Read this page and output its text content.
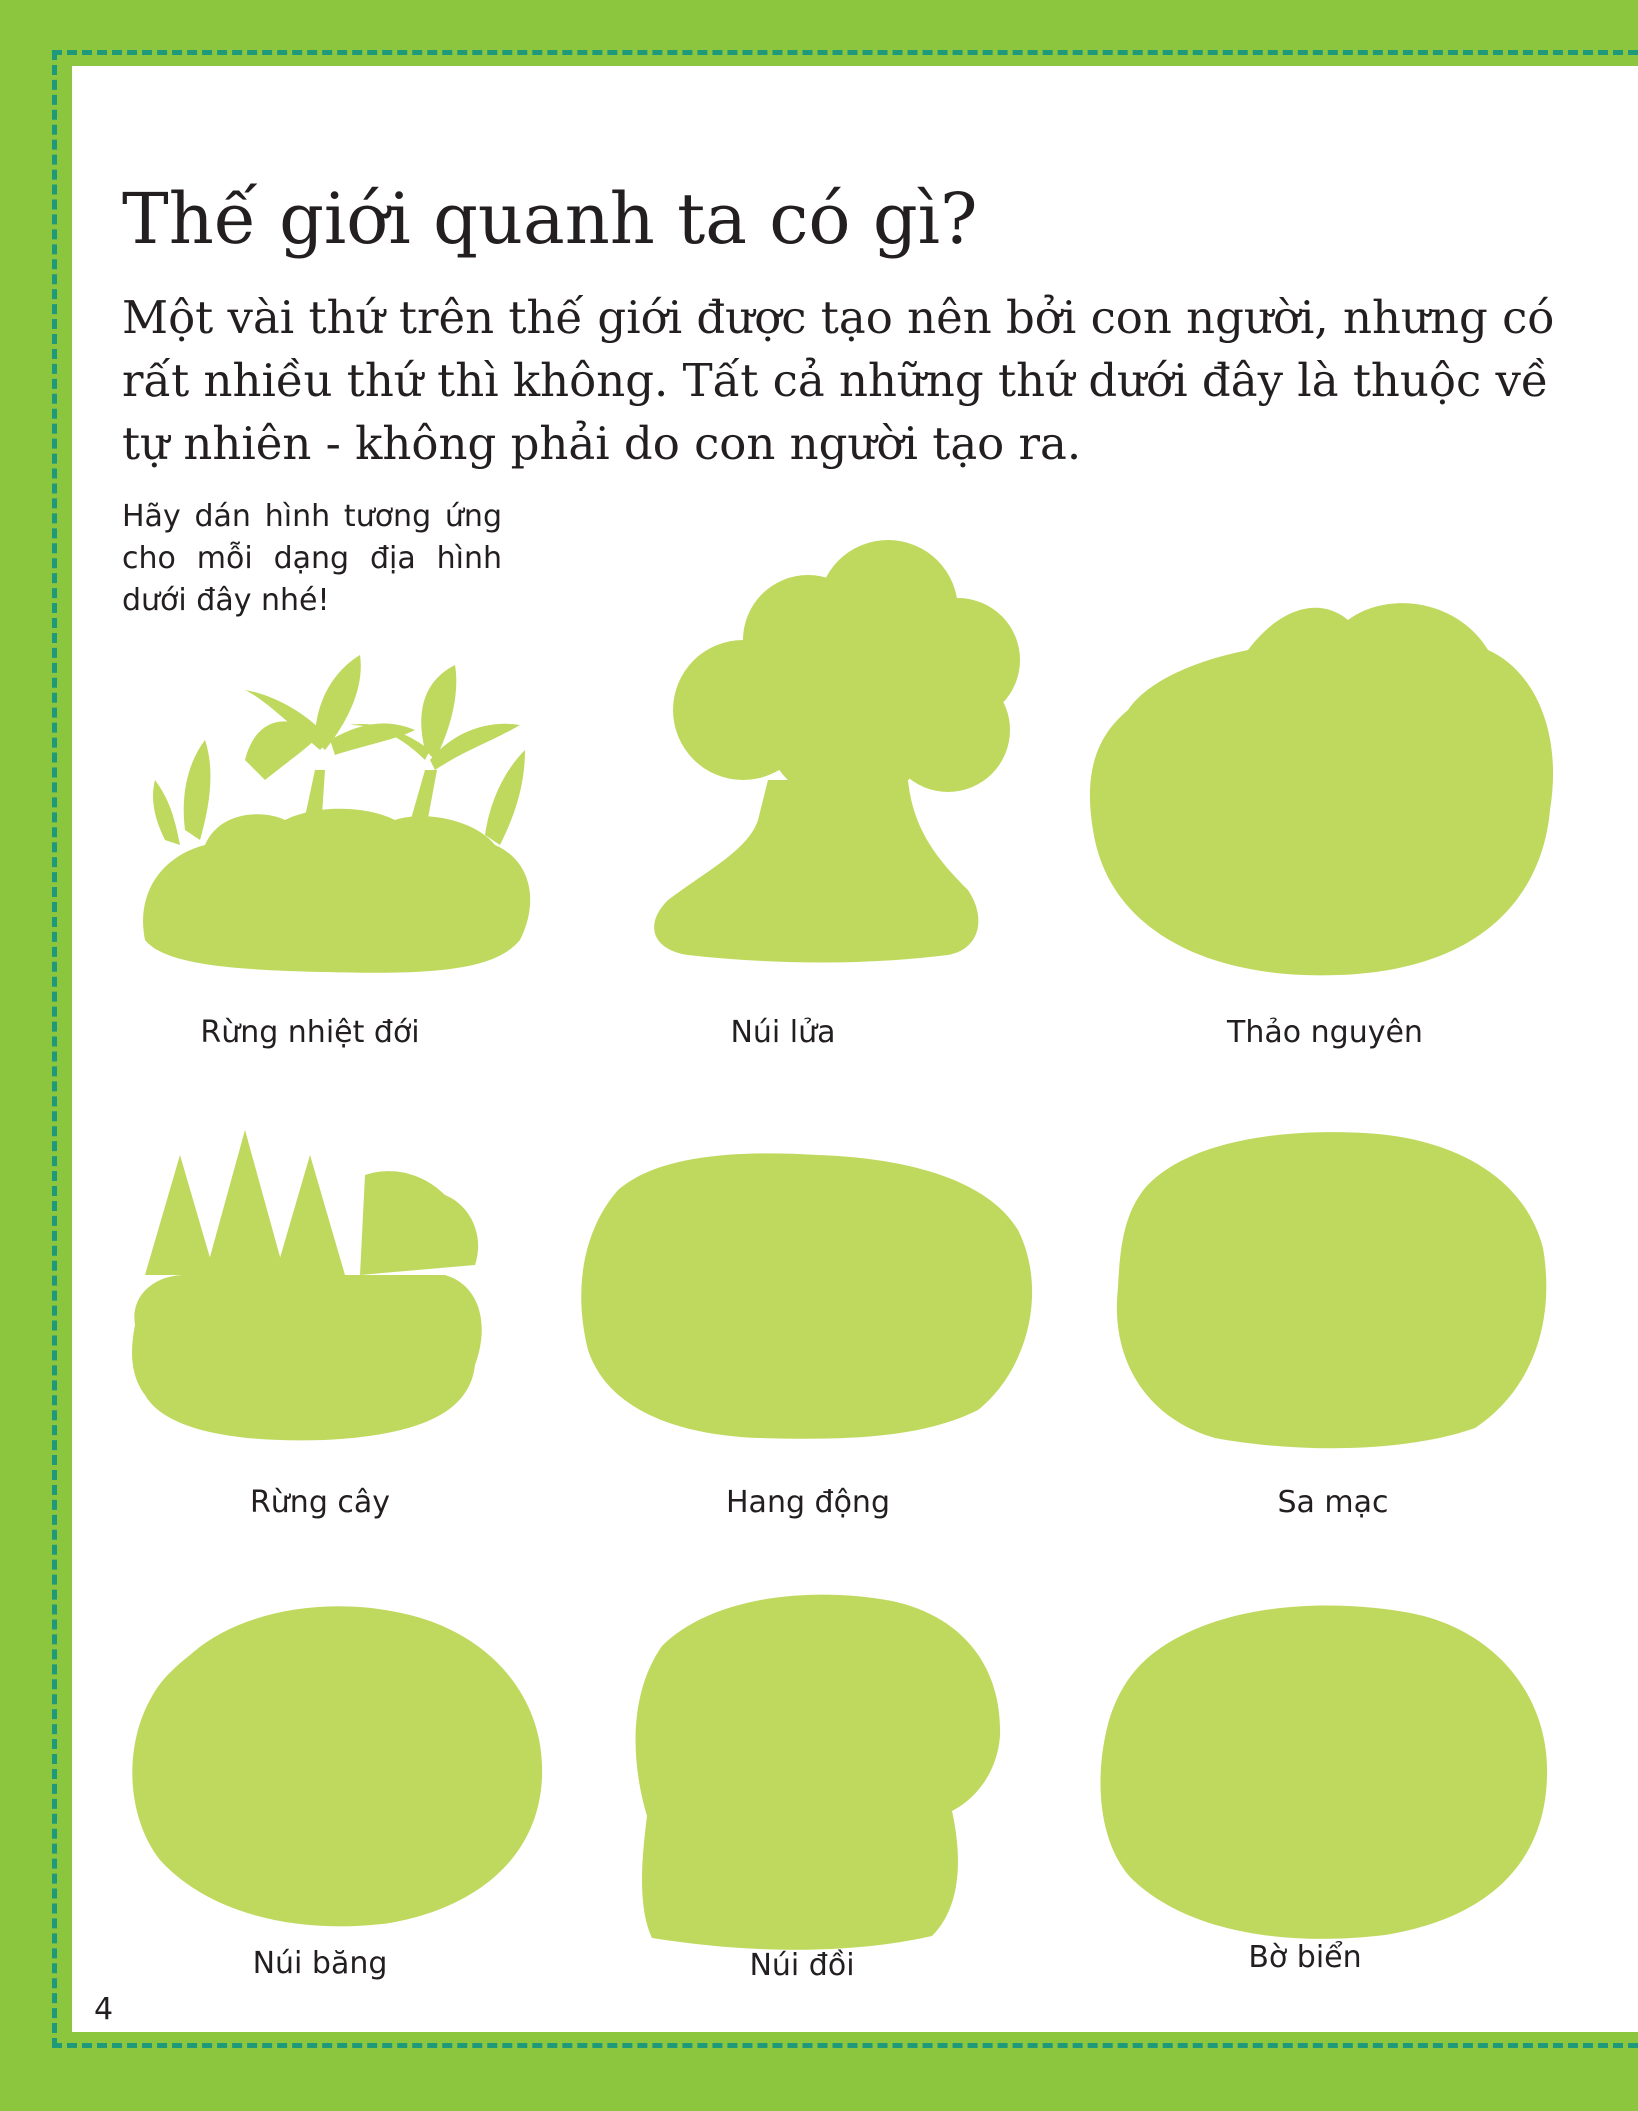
Thế giới quanh ta có gì?

Một vài thứ trên thế giới được tạo nên bởi con người, nhưng có rất nhiều thứ thì không. Tất cả những thứ dưới đây là thuộc về tự nhiên - không phải do con người tạo ra.

Hãy dán hình tương ứng cho mỗi dạng địa hình dưới đây nhé!

Rừng nhiệt đới	Núi lửa	Thảo nguyên
Rừng cây	Hang động	Sa mạc
Núi băng	Núi đồi	Bờ biển
4
